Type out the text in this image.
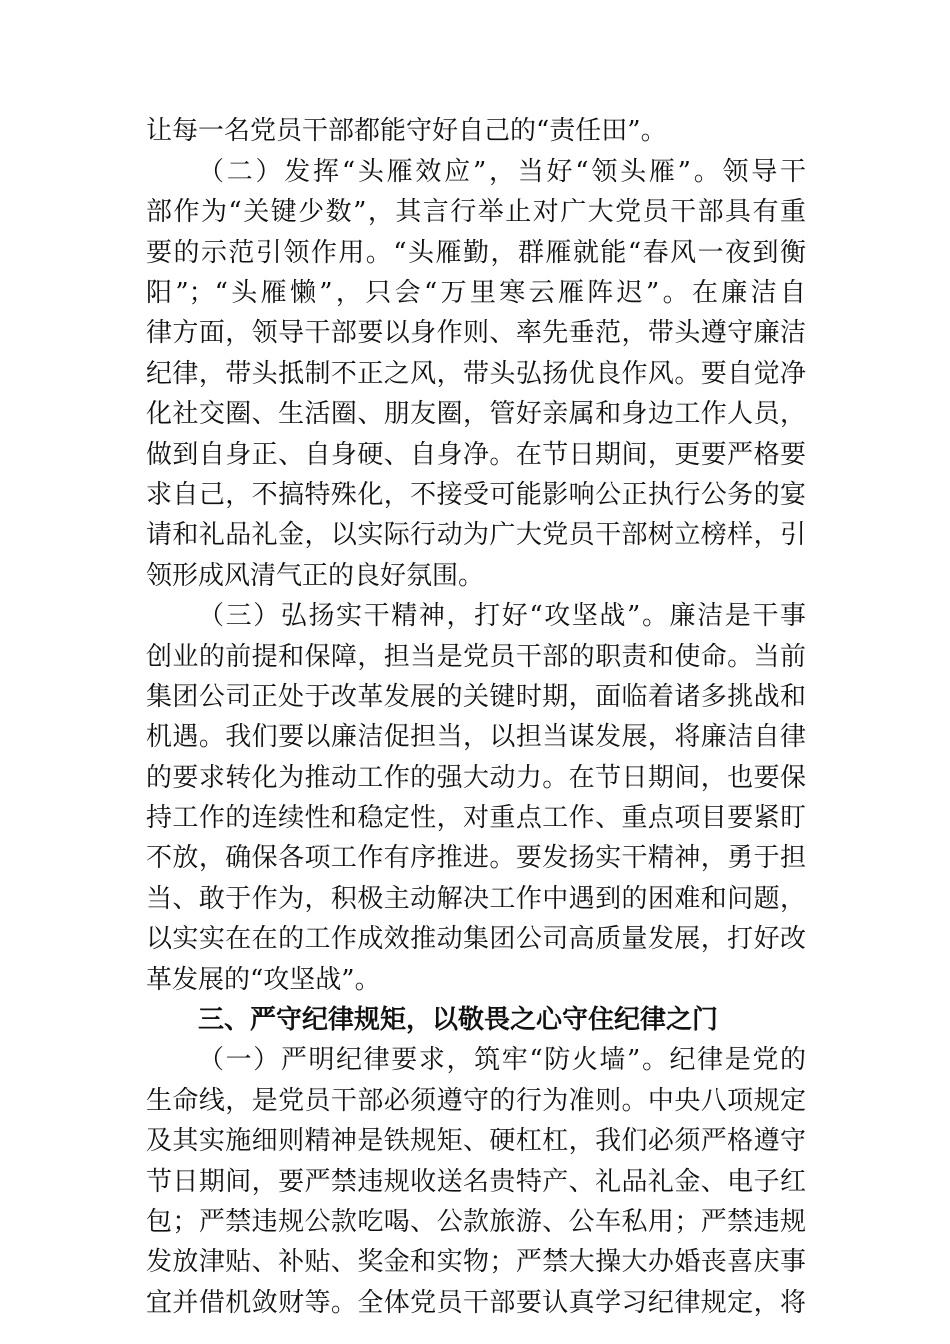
让每一名党员干部都能守好自己的“责任田”。
（二）发挥“头雁效应”，当好“领头雁”。领导干
部作为“关键少数”，其言行举止对广大党员干部具有重
要的示范引领作用。“头雁勤，群雁就能“春风一夜到衡
阳”；“头雁懒”，只会“万里寒云雁阵迟”。在廉洁自
律方面，领导干部要以身作则、率先垂范，带头遵守廉洁
纪律，带头抵制不正之风，带头弘扬优良作风。要自觉净
化社交圈、生活圈、朋友圈，管好亲属和身边工作人员，
做到自身正、自身硬、自身净。在节日期间，更要严格要
求自己，不搞特殊化，不接受可能影响公正执行公务的宴
请和礼品礼金，以实际行动为广大党员干部树立榜样，引
领形成风清气正的良好氛围。
（三）弘扬实干精神，打好“攻坚战”。廉洁是干事
创业的前提和保障，担当是党员干部的职责和使命。当前
集团公司正处于改革发展的关键时期，面临着诸多挑战和
机遇。我们要以廉洁促担当，以担当谋发展，将廉洁自律
的要求转化为推动工作的强大动力。在节日期间，也要保
持工作的连续性和稳定性，对重点工作、重点项目要紧盯
不放，确保各项工作有序推进。要发扬实干精神，勇于担
当、敢于作为，积极主动解决工作中遇到的困难和问题，
以实实在在的工作成效推动集团公司高质量发展，打好改
革发展的“攻坚战”。
三、严守纪律规矩，以敬畏之心守住纪律之门
（一）严明纪律要求，筑牢“防火墙”。纪律是党的
生命线，是党员干部必须遵守的行为准则。中央八项规定
及其实施细则精神是铁规矩、硬杠杠，我们必须严格遵守
节日期间，要严禁违规收送名贵特产、礼品礼金、电子红
包；严禁违规公款吃喝、公款旅游、公车私用；严禁违规
发放津贴、补贴、奖金和实物；严禁大操大办婚丧喜庆事
宜并借机敛财等。全体党员干部要认真学习纪律规定，将
